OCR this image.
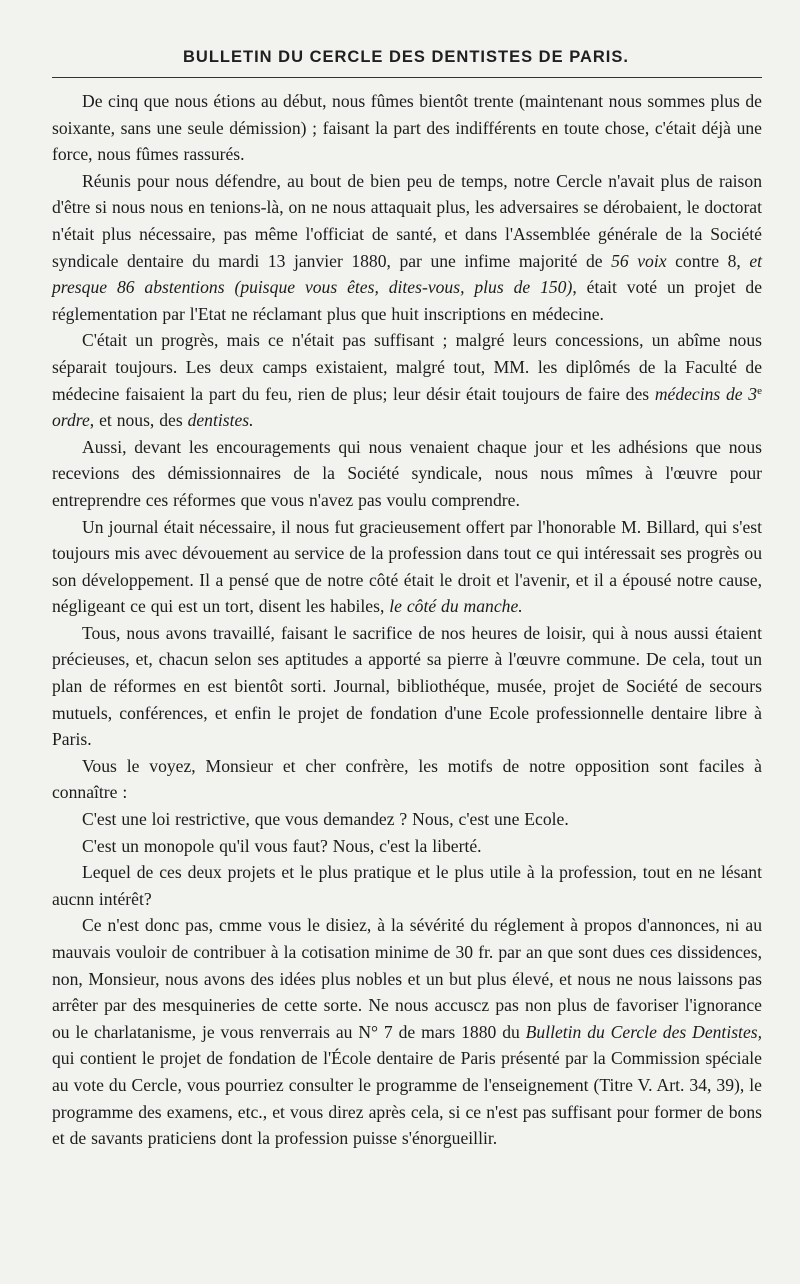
BULLETIN DU CERCLE DES DENTISTES DE PARIS.

De cinq que nous étions au début, nous fûmes bientôt trente (maintenant nous sommes plus de soixante, sans une seule démission) ; faisant la part des indifférents en toute chose, c'était déjà une force, nous fûmes rassurés.

Réunis pour nous défendre, au bout de bien peu de temps, notre Cercle n'avait plus de raison d'être si nous nous en tenions-là, on ne nous attaquait plus, les adversaires se dérobaient, le doctorat n'était plus nécessaire, pas même l'officiat de santé, et dans l'Assemblée générale de la Société syndicale dentaire du mardi 13 janvier 1880, par une infime majorité de 56 voix contre 8, et presque 86 abstentions (puisque vous êtes, dites-vous, plus de 150), était voté un projet de réglementation par l'Etat ne réclamant plus que huit inscriptions en médecine.

C'était un progrès, mais ce n'était pas suffisant ; malgré leurs concessions, un abîme nous séparait toujours. Les deux camps existaient, malgré tout, MM. les diplômés de la Faculté de médecine faisaient la part du feu, rien de plus; leur désir était toujours de faire des médecins de 3e ordre, et nous, des dentistes.

Aussi, devant les encouragements qui nous venaient chaque jour et les adhésions que nous recevions des démissionnaires de la Société syndicale, nous nous mîmes à l'œuvre pour entreprendre ces réformes que vous n'avez pas voulu comprendre.

Un journal était nécessaire, il nous fut gracieusement offert par l'honorable M. Billard, qui s'est toujours mis avec dévouement au service de la profession dans tout ce qui intéressait ses progrès ou son développement. Il a pensé que de notre côté était le droit et l'avenir, et il a épousé notre cause, négligeant ce qui est un tort, disent les habiles, le côté du manche.

Tous, nous avons travaillé, faisant le sacrifice de nos heures de loisir, qui à nous aussi étaient précieuses, et, chacun selon ses aptitudes a apporté sa pierre à l'œuvre commune. De cela, tout un plan de réformes en est bientôt sorti. Journal, bibliothéque, musée, projet de Société de secours mutuels, conférences, et enfin le projet de fondation d'une Ecole professionnelle dentaire libre à Paris.

Vous le voyez, Monsieur et cher confrère, les motifs de notre opposition sont faciles à connaître :

C'est une loi restrictive, que vous demandez ? Nous, c'est une Ecole.

C'est un monopole qu'il vous faut? Nous, c'est la liberté.

Lequel de ces deux projets et le plus pratique et le plus utile à la profession, tout en ne lésant aucnn intérêt?

Ce n'est donc pas, cmme vous le disiez, à la sévérité du réglement à propos d'annonces, ni au mauvais vouloir de contribuer à la cotisation minime de 30 fr. par an que sont dues ces dissidences, non, Monsieur, nous avons des idées plus nobles et un but plus élevé, et nous ne nous laissons pas arrêter par des mesquineries de cette sorte. Ne nous accuscz pas non plus de favoriser l'ignorance ou le charlatanisme, je vous renverrais au N° 7 de mars 1880 du Bulletin du Cercle des Dentistes, qui contient le projet de fondation de l'École dentaire de Paris présenté par la Commission spéciale au vote du Cercle, vous pourriez consulter le programme de l'enseignement (Titre V. Art. 34, 39), le programme des examens, etc., et vous direz après cela, si ce n'est pas suffisant pour former de bons et de savants praticiens dont la profession puisse s'énorgueillir.
